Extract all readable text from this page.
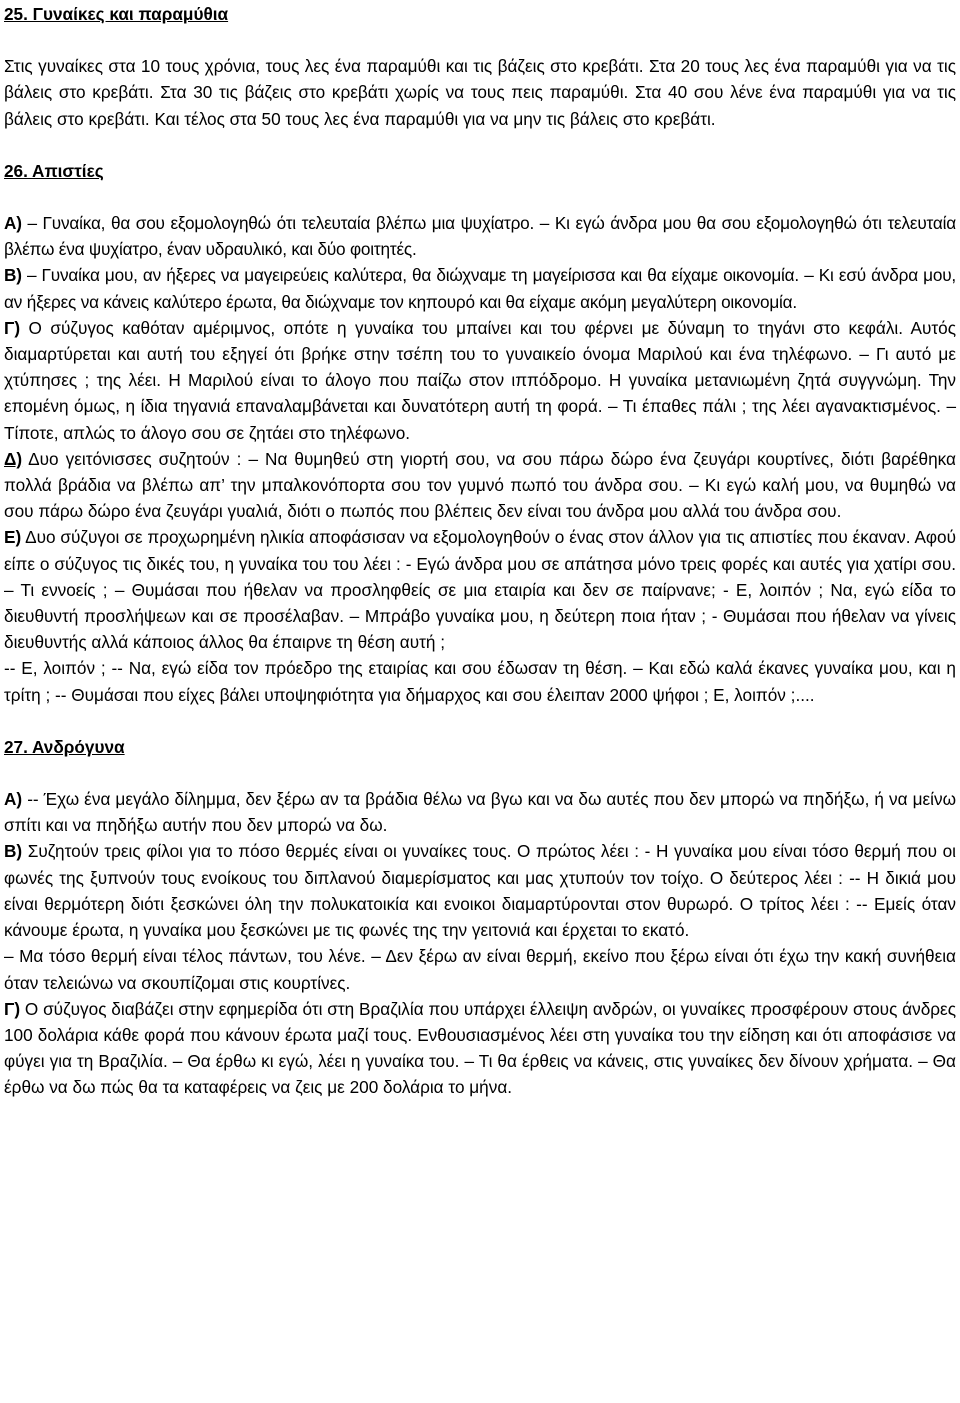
25. Γυναίκες και παραμύθια

Στις γυναίκες στα 10 τους χρόνια, τους λες ένα παραμύθι και τις βάζεις στο κρεβάτι. Στα 20 τους λες ένα παραμύθι για να τις βάλεις στο κρεβάτι. Στα 30 τις βάζεις στο κρεβάτι χωρίς να τους πεις παραμύθι. Στα 40 σου λένε ένα παραμύθι για να τις βάλεις στο κρεβάτι. Και τέλος στα 50 τους λες ένα παραμύθι για να μην τις βάλεις στο κρεβάτι.

26. Απιστίες

Α) – Γυναίκα, θα σου εξομολογηθώ ότι τελευταία βλέπω μια ψυχίατρο. – Κι εγώ άνδρα μου θα σου εξομολογηθώ ότι τελευταία βλέπω ένα ψυχίατρο, έναν υδραυλικό, και δύο φοιτητές.

Β) – Γυναίκα μου, αν ήξερες να μαγειρεύεις καλύτερα, θα διώχναμε τη μαγείρισσα και θα είχαμε οικονομία. – Κι εσύ άνδρα μου, αν ήξερες να κάνεις καλύτερο έρωτα, θα διώχναμε τον κηπουρό και θα είχαμε ακόμη μεγαλύτερη οικονομία.

Γ) Ο σύζυγος καθόταν αμέριμνος, οπότε η γυναίκα του μπαίνει και του φέρνει με δύναμη το τηγάνι στο κεφάλι. Αυτός διαμαρτύρεται και αυτή του εξηγεί ότι βρήκε στην τσέπη του το γυναικείο όνομα Μαριλού και ένα τηλέφωνο. – Γι αυτό με χτύπησες ; της λέει. Η Μαριλού είναι το άλογο που παίζω στον ιππόδρομο. Η γυναίκα μετανιωμένη ζητά συγγνώμη. Την επομένη όμως, η ίδια τηγανιά επαναλαμβάνεται και δυνατότερη αυτή τη φορά. – Τι έπαθες πάλι ; της λέει αγανακτισμένος. – Τίποτε, απλώς το άλογο σου σε ζητάει στο τηλέφωνο.

Δ) Δυο γειτόνισσες συζητούν : – Να θυμηθεύ στη γιορτή σου, να σου πάρω δώρο ένα ζευγάρι κουρτίνες, διότι βαρέθηκα πολλά βράδια να βλέπω απ’ την μπαλκονόπορτα σου τον γυμνό πωπό του άνδρα σου. – Κι εγώ καλή μου, να θυμηθώ να σου πάρω δώρο ένα ζευγάρι γυαλιά, διότι ο πωπός που βλέπεις δεν είναι του άνδρα μου αλλά του άνδρα σου.

Ε) Δυο σύζυγοι σε προχωρημένη ηλικία αποφάσισαν να εξομολογηθούν ο ένας στον άλλον για τις απιστίες που έκαναν. Αφού είπε ο σύζυγος τις δικές του, η γυναίκα του του λέει : - Εγώ άνδρα μου σε απάτησα μόνο τρεις φορές και αυτές για χατίρι σου. – Τι εννοείς ; – Θυμάσαι που ήθελαν να προσληφθείς σε μια εταιρία και δεν σε παίρνανε; - Ε, λοιπόν ; Να, εγώ είδα το διευθυντή προσλήψεων και σε προσέλαβαν. – Μπράβο γυναίκα μου, η δεύτερη ποια ήταν ; - Θυμάσαι που ήθελαν να γίνεις διευθυντής αλλά κάποιος άλλος θα έπαιρνε τη θέση αυτή ;

-- Ε, λοιπόν ; -- Να, εγώ είδα τον πρόεδρο της εταιρίας και σου έδωσαν τη θέση. – Και εδώ καλά έκανες γυναίκα μου, και η τρίτη ; -- Θυμάσαι που είχες βάλει υποψηφιότητα για δήμαρχος και σου έλειπαν 2000 ψήφοι ; Ε, λοιπόν ;....

27. Ανδρόγυνα

Α) -- Έχω ένα μεγάλο δίλημμα, δεν ξέρω αν τα βράδια θέλω να βγω και να δω αυτές που δεν μπορώ να πηδήξω, ή να μείνω σπίτι και να πηδήξω αυτήν που δεν μπορώ να δω.

Β) Συζητούν τρεις φίλοι για το πόσο θερμές είναι οι γυναίκες τους. Ο πρώτος λέει : - Η γυναίκα μου είναι τόσο θερμή που οι φωνές της ξυπνούν τους ενοίκους του διπλανού διαμερίσματος και μας χτυπούν τον τοίχο. Ο δεύτερος λέει : -- Η δικιά μου είναι θερμότερη διότι ξεσκώνει όλη την πολυκατοικία και ενοικοι διαμαρτύρονται στον θυρωρό. Ο τρίτος λέει : -- Εμείς όταν κάνουμε έρωτα, η γυναίκα μου ξεσκώνει με τις φωνές της την γειτονιά και έρχεται το εκατό.

– Μα τόσο θερμή είναι τέλος πάντων, του λένε. – Δεν ξέρω αν είναι θερμή, εκείνο που ξέρω είναι ότι έχω την κακή συνήθεια όταν τελειώνω να σκουπίζομαι στις κουρτίνες.

Γ) Ο σύζυγος διαβάζει στην εφημερίδα ότι στη Βραζιλία που υπάρχει έλλειψη ανδρών, οι γυναίκες προσφέρουν στους άνδρες 100 δολάρια κάθε φορά που κάνουν έρωτα μαζί τους. Ενθουσιασμένος λέει στη γυναίκα του την είδηση και ότι αποφάσισε να φύγει για τη Βραζιλία. – Θα έρθω κι εγώ, λέει η γυναίκα του. – Τι θα έρθεις να κάνεις, στις γυναίκες δεν δίνουν χρήματα. – Θα έρθω να δω πώς θα τα καταφέρεις να ζεις με 200 δολάρια το μήνα.
